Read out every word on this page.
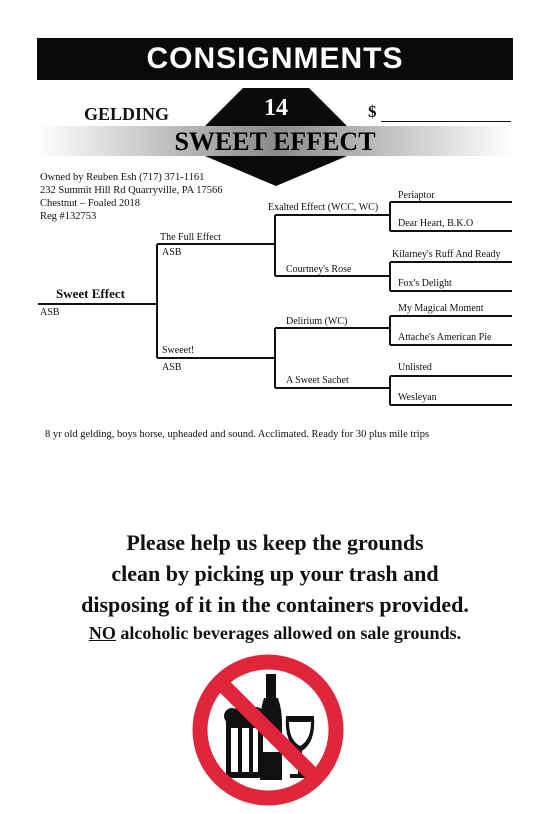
CONSIGNMENTS
GELDING	14	$
SWEET EFFECT
Owned by Reuben Esh (717) 371-1161
232 Summit Hill Rd Quarryville, PA 17566
Chestnut – Foaled 2018
Reg #132753
Sweet Effect
ASB
The Full Effect
ASB
Sweeet!
ASB
Exalted Effect (WCC, WC)
Courtney's Rose
Delirium (WC)
A Sweet Sachet
Periaptor
Dear Heart, B.K.O
Kilarney's Ruff And Ready
Fox's Delight
My Magical Moment
Attache's American Pie
Unlisted
Wesleyan
8 yr old gelding, boys horse, upheaded and sound. Acclimated. Ready for 30 plus mile trips
Please help us keep the grounds
clean by picking up your trash and
disposing of it in the containers provided.
NO alcoholic beverages allowed on sale grounds.
